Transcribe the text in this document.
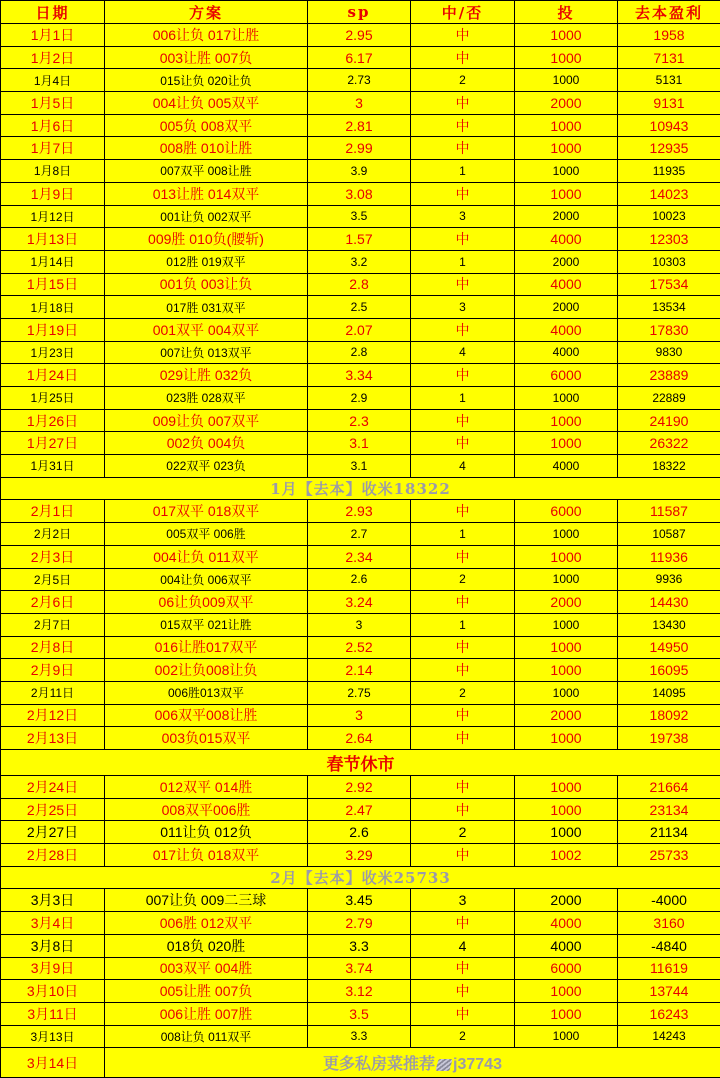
日期	方案	sp	中/否	投	去本盈利
1月1日	006让负 017让胜	2.95	中	1000	1958
1月2日	003让胜 007负	6.17	中	1000	7131
1月4日	015让负 020让负	2.73	2	1000	5131
1月5日	004让负 005双平	3	中	2000	9131
1月6日	005负 008双平	2.81	中	1000	10943
1月7日	008胜 010让胜	2.99	中	1000	12935
1月8日	007双平 008让胜	3.9	1	1000	11935
1月9日	013让胜 014双平	3.08	中	1000	14023
1月12日	001让负 002双平	3.5	3	2000	10023
1月13日	009胜 010负(腰斩)	1.57	中	4000	12303
1月14日	012胜 019双平	3.2	1	2000	10303
1月15日	001负 003让负	2.8	中	4000	17534
1月18日	017胜 031双平	2.5	3	2000	13534
1月19日	001双平 004双平	2.07	中	4000	17830
1月23日	007让负 013双平	2.8	4	4000	9830
1月24日	029让胜 032负	3.34	中	6000	23889
1月25日	023胜 028双平	2.9	1	1000	22889
1月26日	009让负 007双平	2.3	中	1000	24190
1月27日	002负 004负	3.1	中	1000	26322
1月31日	022双平 023负	3.1	4	4000	18322
1月【去本】收米18322					
2月1日	017双平 018双平	2.93	中	6000	11587
2月2日	005双平 006胜	2.7	1	1000	10587
2月3日	004让负 011双平	2.34	中	1000	11936
2月5日	004让负 006双平	2.6	2	1000	9936
2月6日	06让负009双平	3.24	中	2000	14430
2月7日	015双平 021让胜	3	1	1000	13430
2月8日	016让胜017双平	2.52	中	1000	14950
2月9日	002让负008让负	2.14	中	1000	16095
2月11日	006胜013双平	2.75	2	1000	14095
2月12日	006双平008让胜	3	中	2000	18092
2月13日	003负015双平	2.64	中	1000	19738
春节休市					
2月24日	012双平 014胜	2.92	中	1000	21664
2月25日	008双平006胜	2.47	中	1000	23134
2月27日	011让负 012负	2.6	2	1000	21134
2月28日	017让负 018双平	3.29	中	1002	25733
2月【去本】收米25733					
3月3日	007让负 009二三球	3.45	3	2000	-4000
3月4日	006胜 012双平	2.79	中	4000	3160
3月8日	018负 020胜	3.3	4	4000	-4840
3月9日	003双平 004胜	3.74	中	6000	11619
3月10日	005让胜 007负	3.12	中	1000	13744
3月11日	006让胜 007胜	3.5	中	1000	16243
3月13日	008让负 011双平	3.3	2	1000	14243
3月14日	更多私房菜推荐 j37743				
